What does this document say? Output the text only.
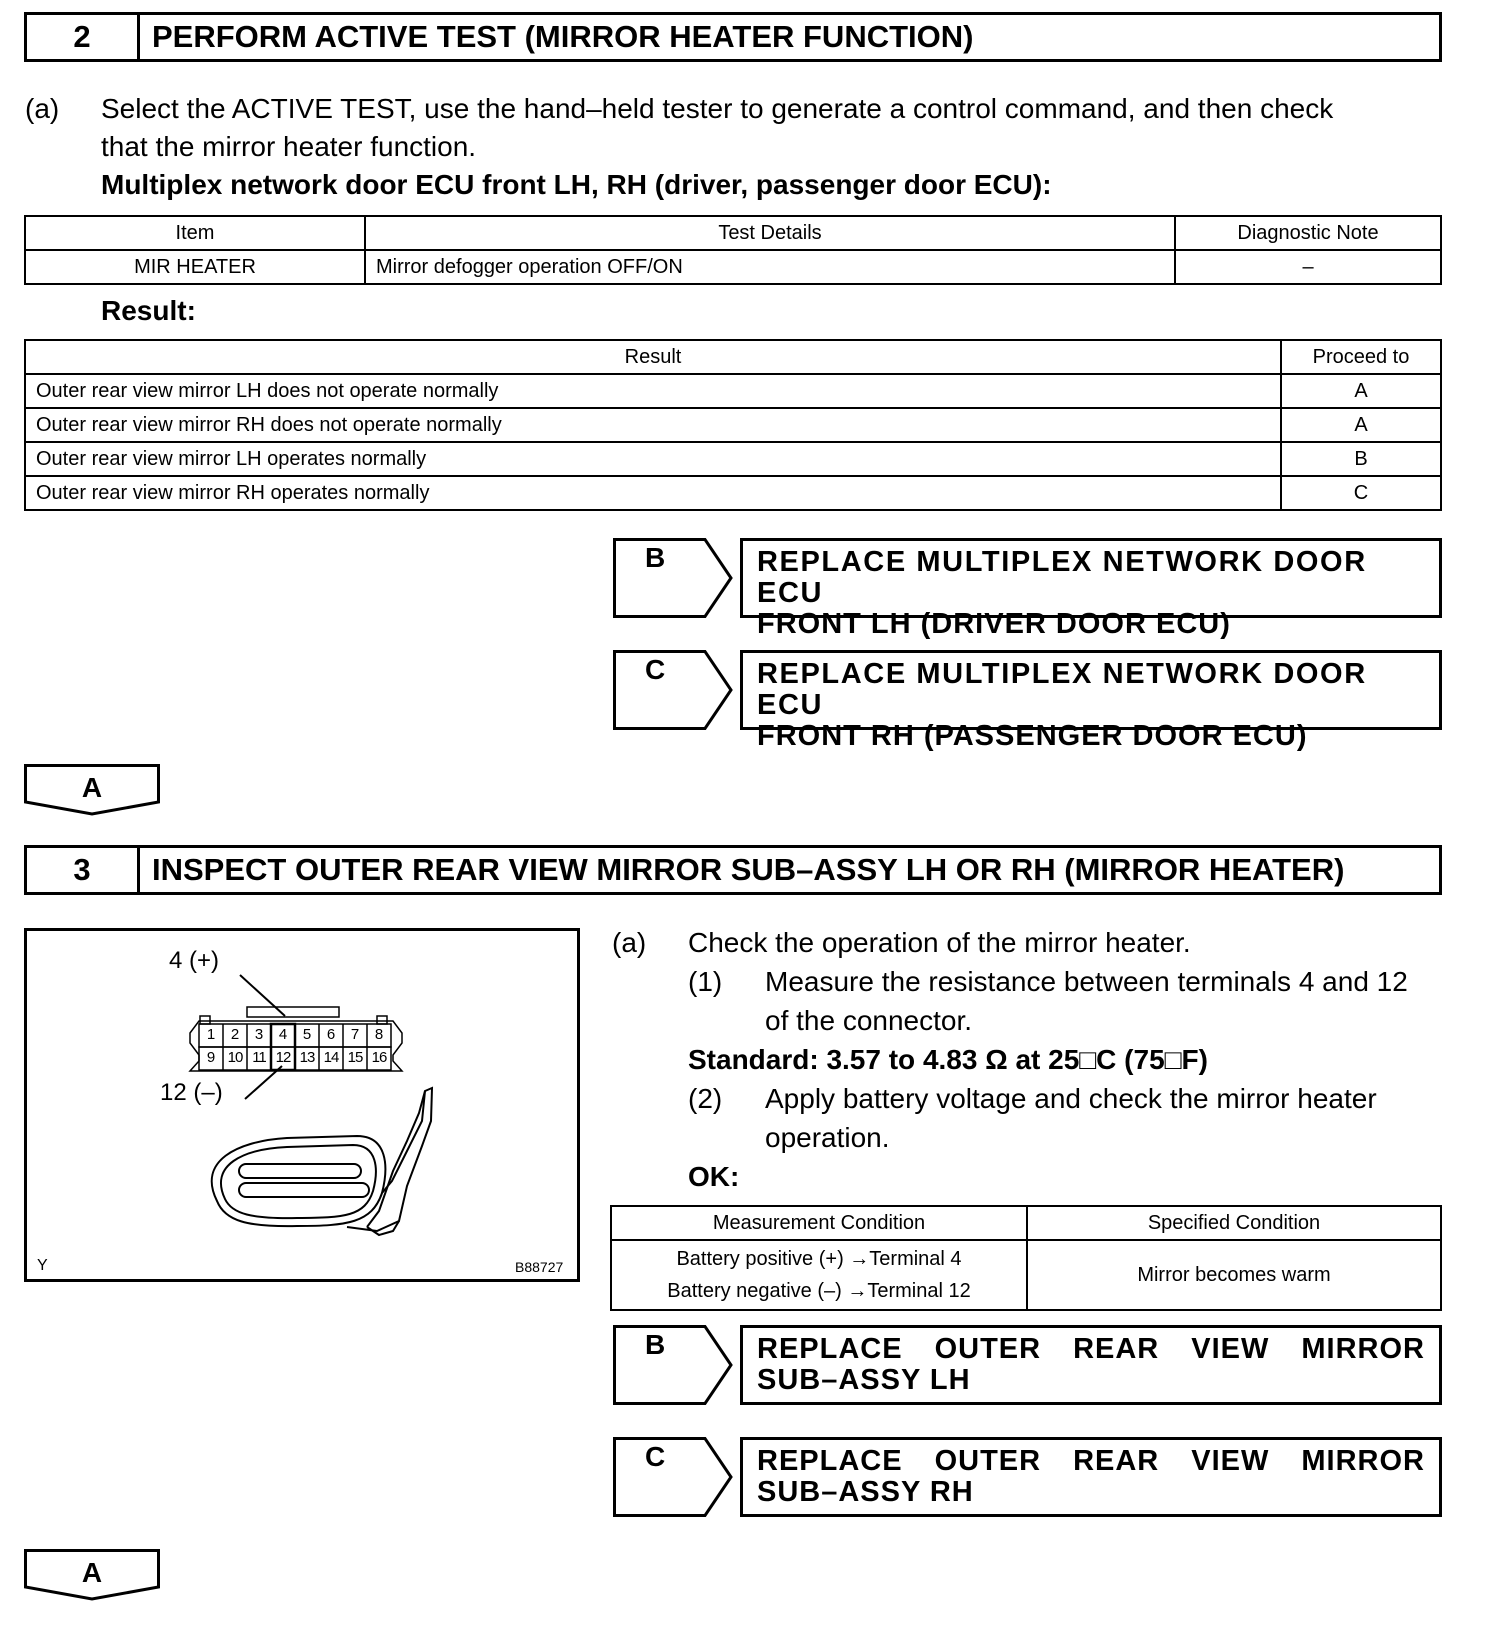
2	PERFORM ACTIVE TEST (MIRROR HEATER FUNCTION)
(a) Select the ACTIVE TEST, use the hand–held tester to generate a control command, and then check
that the mirror heater function.
Multiplex network door ECU front LH, RH (driver, passenger door ECU):
Item	Test Details	Diagnostic Note
MIR HEATER	Mirror defogger operation OFF/ON	–
Result:
Result	Proceed to
Outer rear view mirror LH does not operate normally	A
Outer rear view mirror RH does not operate normally	A
Outer rear view mirror LH operates normally	B
Outer rear view mirror RH operates normally	C
B	REPLACE MULTIPLEX NETWORK DOOR ECU
FRONT LH (DRIVER DOOR ECU)
C	REPLACE MULTIPLEX NETWORK DOOR ECU
FRONT RH (PASSENGER DOOR ECU)
A
3	INSPECT OUTER REAR VIEW MIRROR SUB–ASSY LH OR RH (MIRROR HEATER)
4 (+)
12 (–)
1	2	3	4	5	6	7	8
9 10 11 12 13 14 15 16
Y	B88727
(a) Check the operation of the mirror heater.
(1) Measure the resistance between terminals 4 and 12
of the connector.
Standard: 3.57 to 4.83 Ω at 25□C (75□F)
(2) Apply battery voltage and check the mirror heater
operation.
OK:
Measurement Condition	Specified Condition

Battery positive (+) →Terminal 4
Battery negative (–) →Terminal 12	Mirror becomes warm
B	REPLACE OUTER REAR VIEW MIRROR
SUB–ASSY LH
C	REPLACE OUTER REAR VIEW MIRROR
SUB–ASSY RH
A
